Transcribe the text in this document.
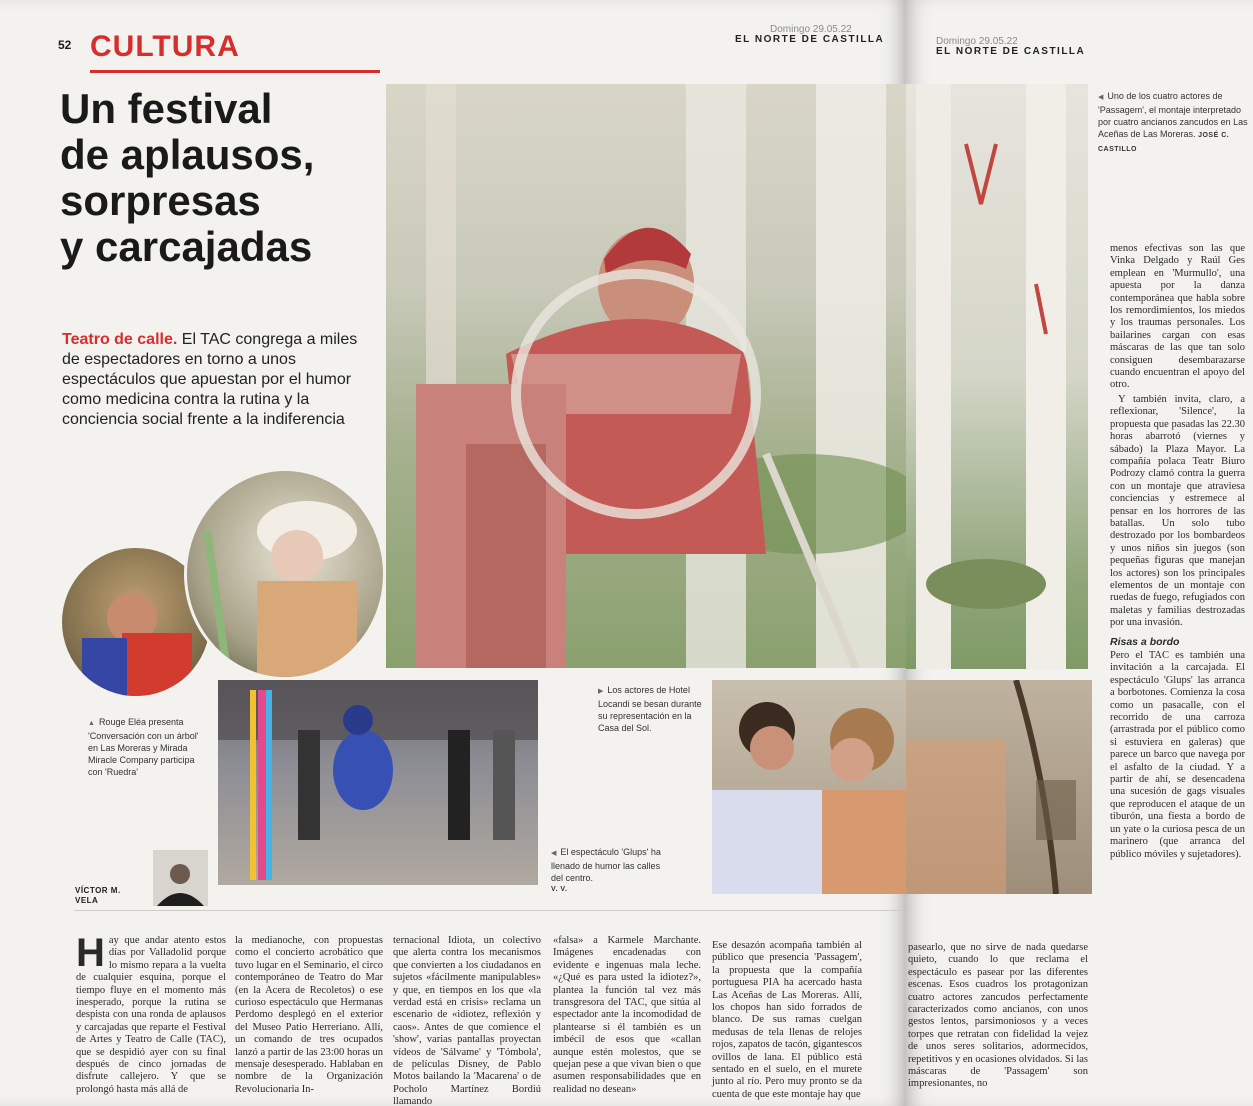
52 CULTURA
Domingo 29.05.22
EL NORTE DE CASTILLA
Un festival
de aplausos,
sorpresas
y carcajadas
Teatro de calle. El TAC congrega a miles de espectadores en torno a unos espectáculos que apuestan por el humor como medicina contra la rutina y la conciencia social frente a la indiferencia
▲ Rouge Eléa presenta 'Conversación con un árbol' en Las Moreras y Mirada Miracle Company participa con 'Ruedra'
◀ El espectáculo 'Glups' ha llenado de humor las calles del centro.
V. V.
▶ Los actores de Hotel Locandi se besan durante su representación en la Casa del Sol.
VÍCTOR M.
VELA
Hay que andar atento estos días por Valladolid porque lo mismo repara a la vuelta de cualquier esquina, porque el tiempo fluye en el momento más inesperado, porque la rutina se despista con una ronda de aplausos y carcajadas que reparte el Festival de Artes y Teatro de Calle (TAC), que se despidió ayer con su final después de cinco jornadas de disfrute callejero. Y que se prolongó hasta más allá de
la medianoche, con propuestas como el concierto acrobático que tuvo lugar en el Seminario, el circo contemporáneo de Teatro do Mar (en la Acera de Recoletos) o ese curioso espectáculo que Hermanas Perdomo desplegó en el exterior del Museo Patio Herreriano. Allí, un comando de tres ocupados lanzó a partir de las 23:00 horas un mensaje desesperado. Hablaban en nombre de la Organización Revolucionaria In-
ternacional Idiota, un colectivo que alerta contra los mecanismos que convierten a los ciudadanos en sujetos «fácilmente manipulables» y que, en tiempos en los que «la verdad está en crisis» reclama un escenario de «idiotez, reflexión y caos». Antes de que comience el 'show', varias pantallas proyectan vídeos de 'Sálvame' y 'Tómbola', de películas Disney, de Pablo Motos bailando la 'Macarena' o de Pocholo Martínez Bordiú llamando
«falsa» a Karmele Marchante. Imágenes encadenadas con evidente e ingenuas mala leche. «¿Qué es para usted la idiotez?», plantea la función tal vez más transgresora del TAC, que sitúa al espectador ante la incomodidad de plantearse si él también es un imbécil de esos que «callan aunque estén molestos, que se quejan pese a que vivan bien o que asumen responsabilidades que en realidad no desean»
Ese desazón acompaña también al público que presencia 'Passagem', la propuesta que la compañía portuguesa PIA ha acercado hasta Las Aceñas de Las Moreras. Allí, los chopos han sido forrados de blanco. De sus ramas cuelgan medusas de tela llenas de relojes rojos, zapatos de tacón, gigantescos ovillos de lana. El público está sentado en el suelo, en el murete junto al río. Pero muy pronto se da cuenta de que este montaje hay que
Domingo 29.05.22
EL NORTE DE CASTILLA
◀ Uno de los cuatro actores de 'Passagem', el montaje interpretado por cuatro ancianos zancudos en Las Aceñas de Las Moreras. JOSÉ C. CASTILLO
menos efectivas son las que Vinka Delgado y Raúl Ges emplean en 'Murmullo', una apuesta por la danza contemporánea que habla sobre los remordimientos, los miedos y los traumas personales. Los bailarines cargan con esas máscaras de las que tan solo consiguen desembarazarse cuando encuentran el apoyo del otro.
Y también invita, claro, a reflexionar, 'Silence', la propuesta que pasadas las 22.30 horas abarrotó (viernes y sábado) la Plaza Mayor. La compañía polaca Teatr Biuro Podrozy clamó contra la guerra con un montaje que atraviesa conciencias y estremece al pensar en los horrores de las batallas. Un solo tubo destrozado por los bombardeos y unos niños sin juegos (son pequeñas figuras que manejan los actores) son los principales elementos de un montaje con ruedas de fuego, refugiados con maletas y familias destrozadas por una invasión.
Risas a bordo
Pero el TAC es también una invitación a la carcajada. El espectáculo 'Glups' las arranca a borbotones. Comienza la cosa como un pasacalle, con el recorrido de una carroza (arrastrada por el público como si estuviera en galeras) que parece un barco que navega por el asfalto de la ciudad. Y a partir de ahí, se desencadena una sucesión de gags visuales que reproducen el ataque de un tiburón, una fiesta a bordo de un yate o la curiosa pesca de un marinero (que arranca del público móviles y sujetadores).
pasearlo, que no sirve de nada quedarse quieto, cuando lo que reclama el espectáculo es pasear por las diferentes escenas. Esos cuadros los protagonizan cuatro actores zancudos perfectamente caracterizados como ancianos, con unos gestos lentos, parsimoniosos y a veces torpes que retratan con fidelidad la vejez de unos seres solitarios, adormecidos, repetitivos y en ocasiones olvidados. Si las máscaras de 'Passagem' son impresionantes, no
